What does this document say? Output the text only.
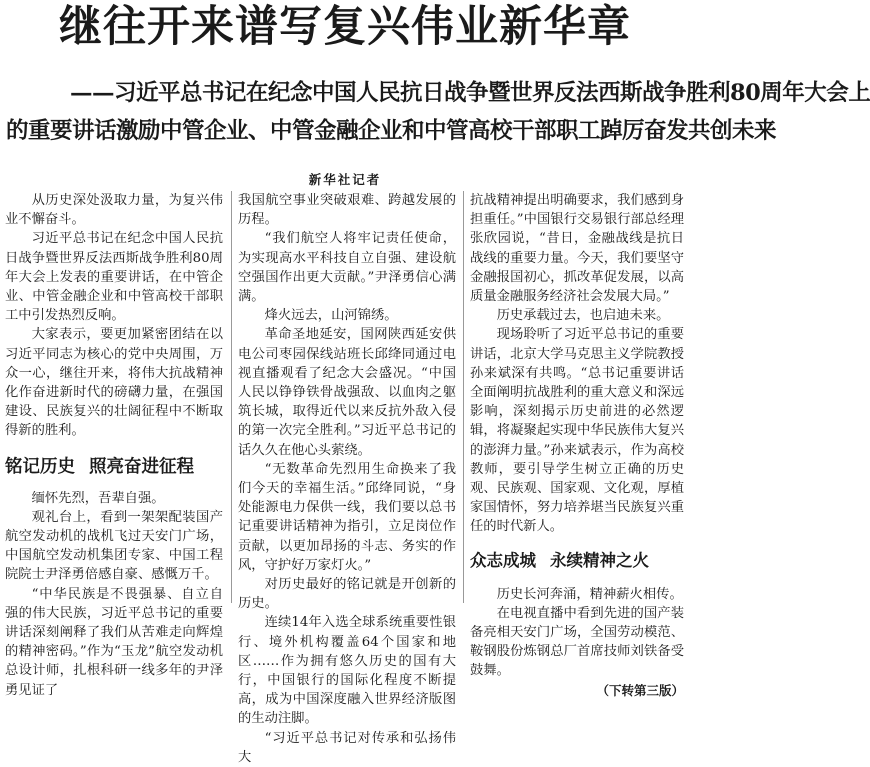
继往开来谱写复兴伟业新华章
——习近平总书记在纪念中国人民抗日战争暨世界反法西斯战争胜利80周年大会上
的重要讲话激励中管企业、中管金融企业和中管高校干部职工踔厉奋发共创未来
新华社记者

从历史深处汲取力量，为复兴伟业不懈奋斗。

习近平总书记在纪念中国人民抗日战争暨世界反法西斯战争胜利80周年大会上发表的重要讲话，在中管企业、中管金融企业和中管高校干部职工中引发热烈反响。

大家表示，要更加紧密团结在以习近平同志为核心的党中央周围，万众一心，继往开来，将伟大抗战精神化作奋进新时代的磅礴力量，在强国建设、民族复兴的壮阔征程中不断取得新的胜利。

铭记历史 照亮奋进征程

缅怀先烈，吾辈自强。

观礼台上，看到一架架配装国产航空发动机的战机飞过天安门广场，中国航空发动机集团专家、中国工程院院士尹泽勇倍感自豪、感慨万千。

“中华民族是不畏强暴、自立自强的伟大民族，习近平总书记的重要讲话深刻阐释了我们从苦难走向辉煌的精神密码。”作为“玉龙”航空发动机总设计师，扎根科研一线多年的尹泽勇见证了

我国航空事业突破艰难、跨越发展的历程。

“我们航空人将牢记责任使命，为实现高水平科技自立自强、建设航空强国作出更大贡献。”尹泽勇信心满满。

烽火远去，山河锦绣。

革命圣地延安，国网陕西延安供电公司枣园保线站班长邱绛同通过电视直播观看了纪念大会盛况。“中国人民以铮铮铁骨战强敌、以血肉之躯筑长城，取得近代以来反抗外敌入侵的第一次完全胜利。”习近平总书记的话久久在他心头萦绕。

“无数革命先烈用生命换来了我们今天的幸福生活。”邱绛同说，“身处能源电力保供一线，我们要以总书记重要讲话精神为指引，立足岗位作贡献，以更加昂扬的斗志、务实的作风，守护好万家灯火。”

对历史最好的铭记就是开创新的历史。

连续14年入选全球系统重要性银行、境外机构覆盖64个国家和地区……作为拥有悠久历史的国有大行，中国银行的国际化程度不断提高，成为中国深度融入世界经济版图的生动注脚。

“习近平总书记对传承和弘扬伟大

抗战精神提出明确要求，我们感到身担重任。”中国银行交易银行部总经理张欣园说，“昔日，金融战线是抗日战线的重要力量。今天，我们要坚守金融报国初心，抓改革促发展，以高质量金融服务经济社会发展大局。”

历史承载过去，也启迪未来。

现场聆听了习近平总书记的重要讲话，北京大学马克思主义学院教授孙来斌深有共鸣。“总书记重要讲话全面阐明抗战胜利的重大意义和深远影响，深刻揭示历史前进的必然逻辑，将凝聚起实现中华民族伟大复兴的澎湃力量。”孙来斌表示，作为高校教师，要引导学生树立正确的历史观、民族观、国家观、文化观，厚植家国情怀，努力培养堪当民族复兴重任的时代新人。

众志成城 永续精神之火

历史长河奔涌，精神薪火相传。

在电视直播中看到先进的国产装备亮相天安门广场，全国劳动模范、鞍钢股份炼钢总厂首席技师刘铁备受鼓舞。

（下转第三版）
